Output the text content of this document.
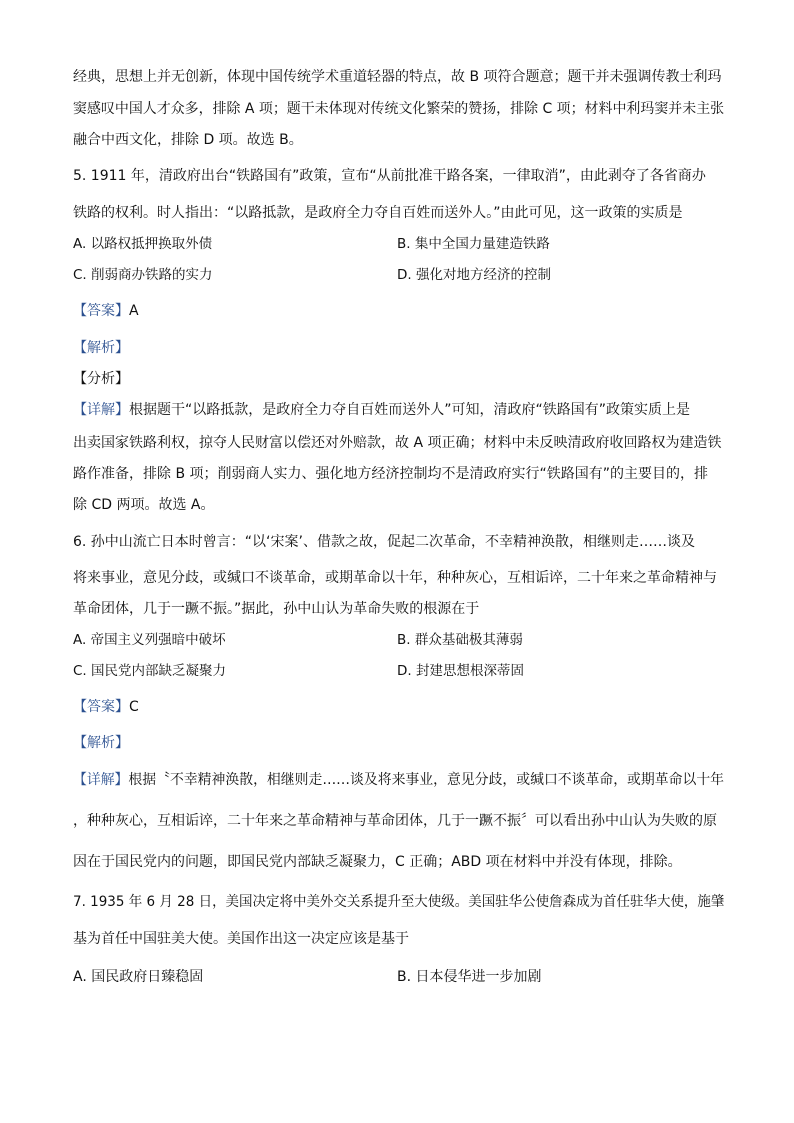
经典，思想上并无创新，体现中国传统学术重道轻器的特点，故 B 项符合题意；题干并未强调传教士利玛
窦感叹中国人才众多，排除 A 项；题干未体现对传统文化繁荣的赞扬，排除 C 项；材料中利玛窦并未主张
融合中西文化，排除 D 项。故选 B。
5. 1911 年，清政府出台“铁路国有”政策，宣布“从前批准干路各案，一律取消”，由此剥夺了各省商办
铁路的权利。时人指出：“以路抵款，是政府全力夺自百姓而送外人。”由此可见，这一政策的实质是
A. 以路权抵押换取外债	B. 集中全国力量建造铁路
C. 削弱商办铁路的实力	D. 强化对地方经济的控制
【答案】A
【解析】
【分析】
【详解】根据题干“以路抵款，是政府全力夺自百姓而送外人”可知，清政府“铁路国有”政策实质上是
出卖国家铁路利权，掠夺人民财富以偿还对外赔款，故 A 项正确；材料中未反映清政府收回路权为建造铁
路作准备，排除 B 项；削弱商人实力、强化地方经济控制均不是清政府实行“铁路国有”的主要目的，排
除 CD 两项。故选 A。
6. 孙中山流亡日本时曾言：“以‘宋案’、借款之故，促起二次革命，不幸精神涣散，相继则走……谈及
将来事业，意见分歧，或缄口不谈革命，或期革命以十年，种种灰心，互相诟谇，二十年来之革命精神与
革命团体，几于一蹶不振。”据此，孙中山认为革命失败的根源在于
A. 帝国主义列强暗中破坏	B. 群众基础极其薄弱
C. 国民党内部缺乏凝聚力	D. 封建思想根深蒂固
【答案】C
【解析】
【详解】根据〝不幸精神涣散，相继则走……谈及将来事业，意见分歧，或缄口不谈革命，或期革命以十年
，种种灰心，互相诟谇，二十年来之革命精神与革命团体，几于一蹶不振〞可以看出孙中山认为失败的原
因在于国民党内的问题，即国民党内部缺乏凝聚力，C 正确；ABD 项在材料中并没有体现，排除。
7. 1935 年 6 月 28 日，美国决定将中美外交关系提升至大使级。美国驻华公使詹森成为首任驻华大使，施肇
基为首任中国驻美大使。美国作出这一决定应该是基于
A. 国民政府日臻稳固	B. 日本侵华进一步加剧
